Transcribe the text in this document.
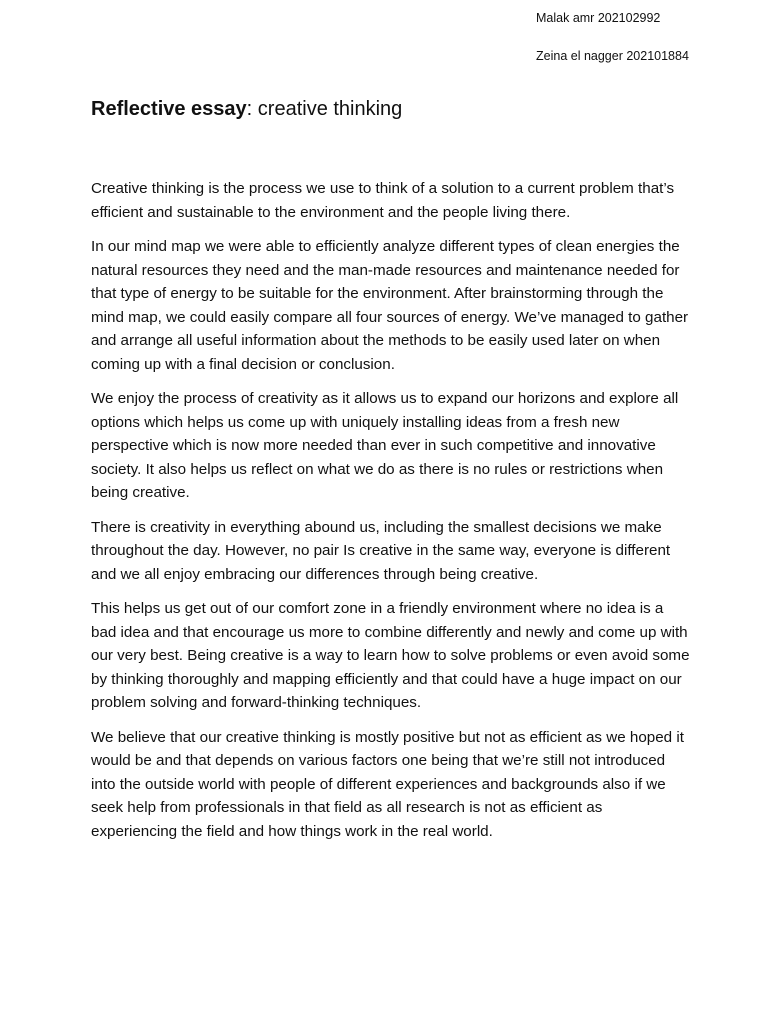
Malak amr 202102992
Zeina el nagger 202101884
Reflective essay: creative thinking

Creative thinking is the process we use to think of a solution to a current problem that’s efficient and sustainable to the environment and the people living there.

In our mind map we were able to efficiently analyze different types of clean energies the natural resources they need and the man-made resources and maintenance needed for that type of energy to be suitable for the environment. After brainstorming through the mind map, we could easily compare all four sources of energy. We’ve managed to gather and arrange all useful information about the methods to be easily used later on when coming up with a final decision or conclusion.

We enjoy the process of creativity as it allows us to expand our horizons and explore all options which helps us come up with uniquely installing ideas from a fresh new perspective which is now more needed than ever in such competitive and innovative society. It also helps us reflect on what we do as there is no rules or restrictions when being creative.

There is creativity in everything abound us, including the smallest decisions we make throughout the day. However, no pair Is creative in the same way, everyone is different and we all enjoy embracing our differences through being creative.

This helps us get out of our comfort zone in a friendly environment where no idea is a bad idea and that encourage us more to combine differently and newly and come up with our very best. Being creative is a way to learn how to solve problems or even avoid some by thinking thoroughly and mapping efficiently and that could have a huge impact on our problem solving and forward-thinking techniques.

We believe that our creative thinking is mostly positive but not as efficient as we hoped it would be and that depends on various factors one being that we’re still not introduced into the outside world with people of different experiences and backgrounds also if we seek help from professionals in that field as all research is not as efficient as experiencing the field and how things work in the real world.
